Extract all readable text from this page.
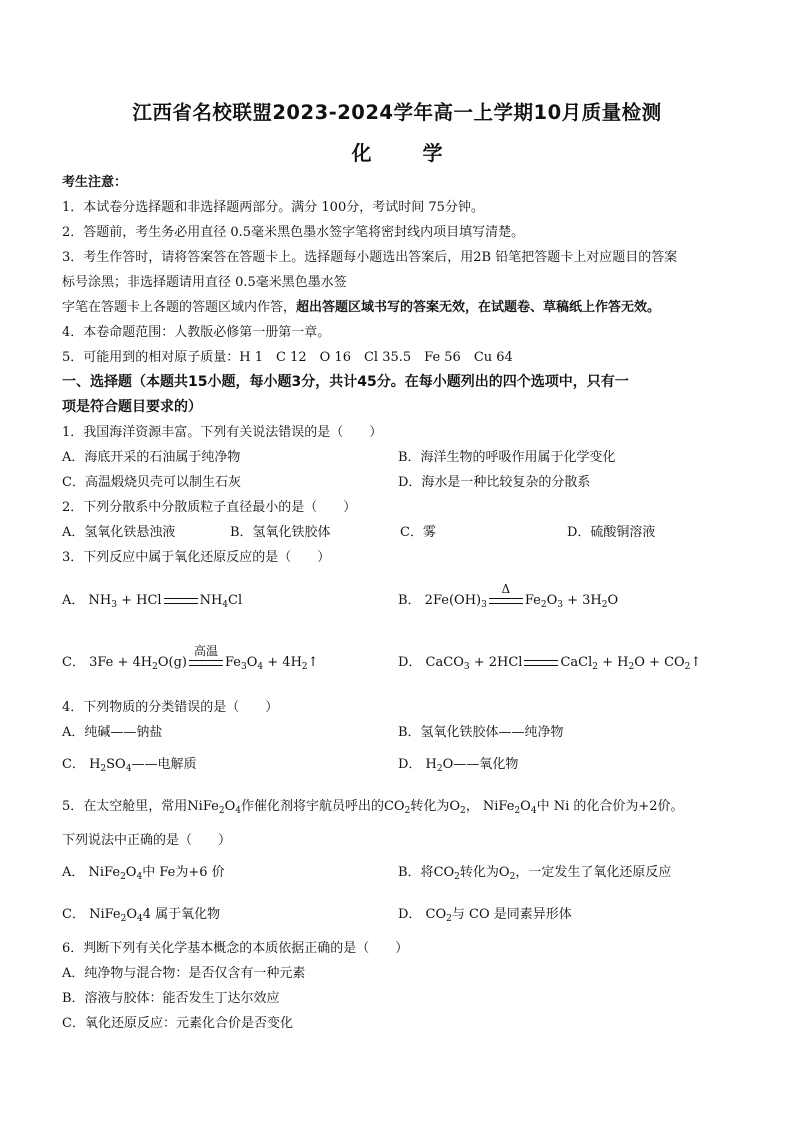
江西省名校联盟2023-2024学年高一上学期10月质量检测
化 学
考生注意：
1．本试卷分选择题和非选择题两部分。满分 100分，考试时间 75分钟。
2．答题前，考生务必用直径 0.5毫米黑色墨水签字笔将密封线内项目填写清楚。
3．考生作答时，请将答案答在答题卡上。选择题每小题选出答案后，用2B 铅笔把答题卡上对应题目的答案
标号涂黑；非选择题请用直径 0.5毫米黑色墨水签
字笔在答题卡上各题的答题区域内作答，超出答题区域书写的答案无效，在试题卷、草稿纸上作答无效。
4．本卷命题范围：人教版必修第一册第一章。
5．可能用到的相对原子质量：H 1　C 12　O 16　Cl 35.5　Fe 56　Cu 64
一、选择题（本题共15小题，每小题3分，共计45分。在每小题列出的四个选项中，只有一
项是符合题目要求的）
1．我国海洋资源丰富。下列有关说法错误的是（　　）
A．海底开采的石油属于纯净物	B．海洋生物的呼吸作用属于化学变化
C．高温煅烧贝壳可以制生石灰	D．海水是一种比较复杂的分散系
2．下列分散系中分散质粒子直径最小的是（　　）
A．氢氧化铁悬浊液	B．氢氧化铁胶体	C．雾	D．硫酸铜溶液
3．下列反应中属于氧化还原反应的是（　　）
A． $NH_3$ + HCl	$NH_4Cl$	B． $2Fe(OH)_3$
Δ
$Fe_2O_3 + 3H_2O$
C． $3Fe + 4H_2O(g)$
高温
$Fe_3O_4$ + $4H_2↑$	D． CaCO$_3$ + 2HCl	CaCl$_2$ + $H_2O$ + $CO_2↑$
4．下列物质的分类错误的是（　　）
A．纯碱——钠盐	B．氢氧化铁胶体——纯净物
C． $H_2SO_4——$电解质	D． $H_2O——$氧化物
5．在太空舱里，常用$NiFe_2O_4$作催化剂将宇航员呼出的$CO_2$转化为$O_2$， $NiFe_2O_4$中 Ni 的化合价为+2价。
下列说法中正确的是（　　）
A． $NiFe_2O_4$中 Fe为+6 价	B．将$CO_2$转化为$O_2$，一定发生了氧化还原反应
C． $NiFe_2O_44$ 属于氧化物	D． $CO_2$与 CO 是同素异形体
6．判断下列有关化学基本概念的本质依据正确的是（　　）
A．纯净物与混合物：是否仅含有一种元素
B．溶液与胶体：能否发生丁达尔效应
C．氧化还原反应：元素化合价是否变化
